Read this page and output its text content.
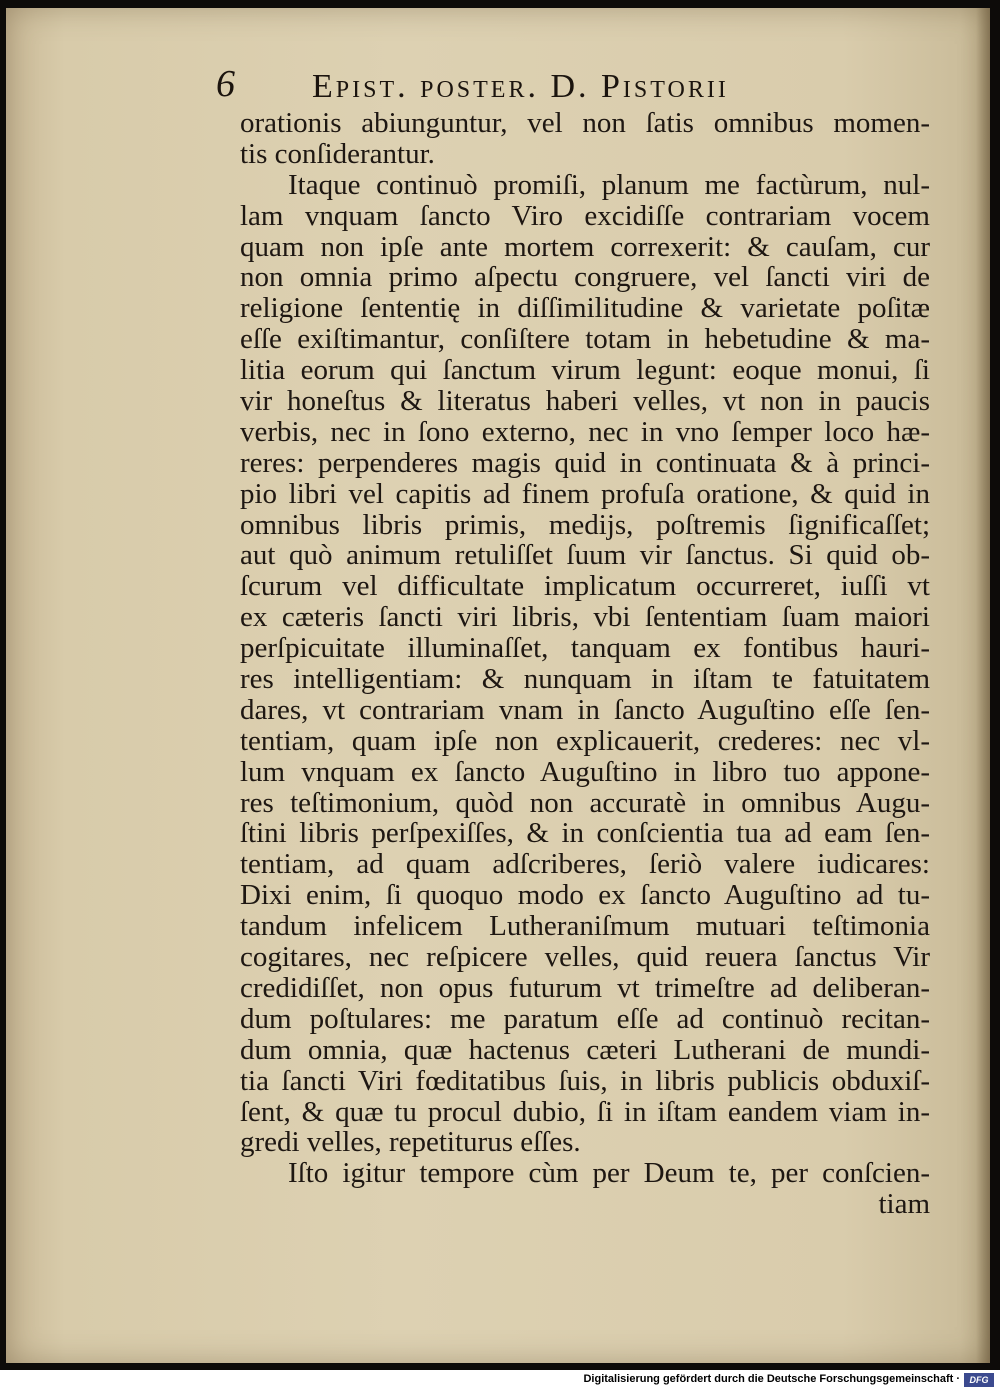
6 Epist. poster. D. Pistorii
orationis abiunguntur, vel non ſatis omnibus momen-
tis conſiderantur.
Itaque continuò promiſi, planum me factùrum, nul-
lam vnquam ſancto Viro excidiſſe contrariam vocem
quam non ipſe ante mortem correxerit: & cauſam, cur
non omnia primo aſpectu congruere, vel ſancti viri de
religione ſententię in diſſimilitudine & varietate poſitæ
eſſe exiſtimantur, conſiſtere totam in hebetudine & ma-
litia eorum qui ſanctum virum legunt: eoque monui, ſi
vir honeſtus & literatus haberi velles, vt non in paucis
verbis, nec in ſono externo, nec in vno ſemper loco hæ-
reres: perpenderes magis quid in continuata & à princi-
pio libri vel capitis ad finem profuſa oratione, & quid in
omnibus libris primis, medijs, poſtremis ſignificaſſet;
aut quò animum retuliſſet ſuum vir ſanctus. Si quid ob-
ſcurum vel difficultate implicatum occurreret, iuſſi vt
ex cæteris ſancti viri libris, vbi ſententiam ſuam maiori
perſpicuitate illuminaſſet, tanquam ex fontibus hauri-
res intelligentiam: & nunquam in iſtam te fatuitatem
dares, vt contrariam vnam in ſancto Auguſtino eſſe ſen-
tentiam, quam ipſe non explicauerit, crederes: nec vl-
lum vnquam ex ſancto Auguſtino in libro tuo appone-
res teſtimonium, quòd non accuratè in omnibus Augu-
ſtini libris perſpexiſſes, & in conſcientia tua ad eam ſen-
tentiam, ad quam adſcriberes, ſeriò valere iudicares:
Dixi enim, ſi quoquo modo ex ſancto Auguſtino ad tu-
tandum infelicem Lutheraniſmum mutuari teſtimonia
cogitares, nec reſpicere velles, quid reuera ſanctus Vir
credidiſſet, non opus futurum vt trimeſtre ad deliberan-
dum poſtulares: me paratum eſſe ad continuò recitan-
dum omnia, quæ hactenus cæteri Lutherani de mundi-
tia ſancti Viri fœditatibus ſuis, in libris publicis obduxiſ-
ſent, & quæ tu procul dubio, ſi in iſtam eandem viam in-
gredi velles, repetiturus eſſes.
Iſto igitur tempore cùm per Deum te, per conſcien-
tiam
Digitalisierung gefördert durch die Deutsche Forschungsgemeinschaft ·	DFG
